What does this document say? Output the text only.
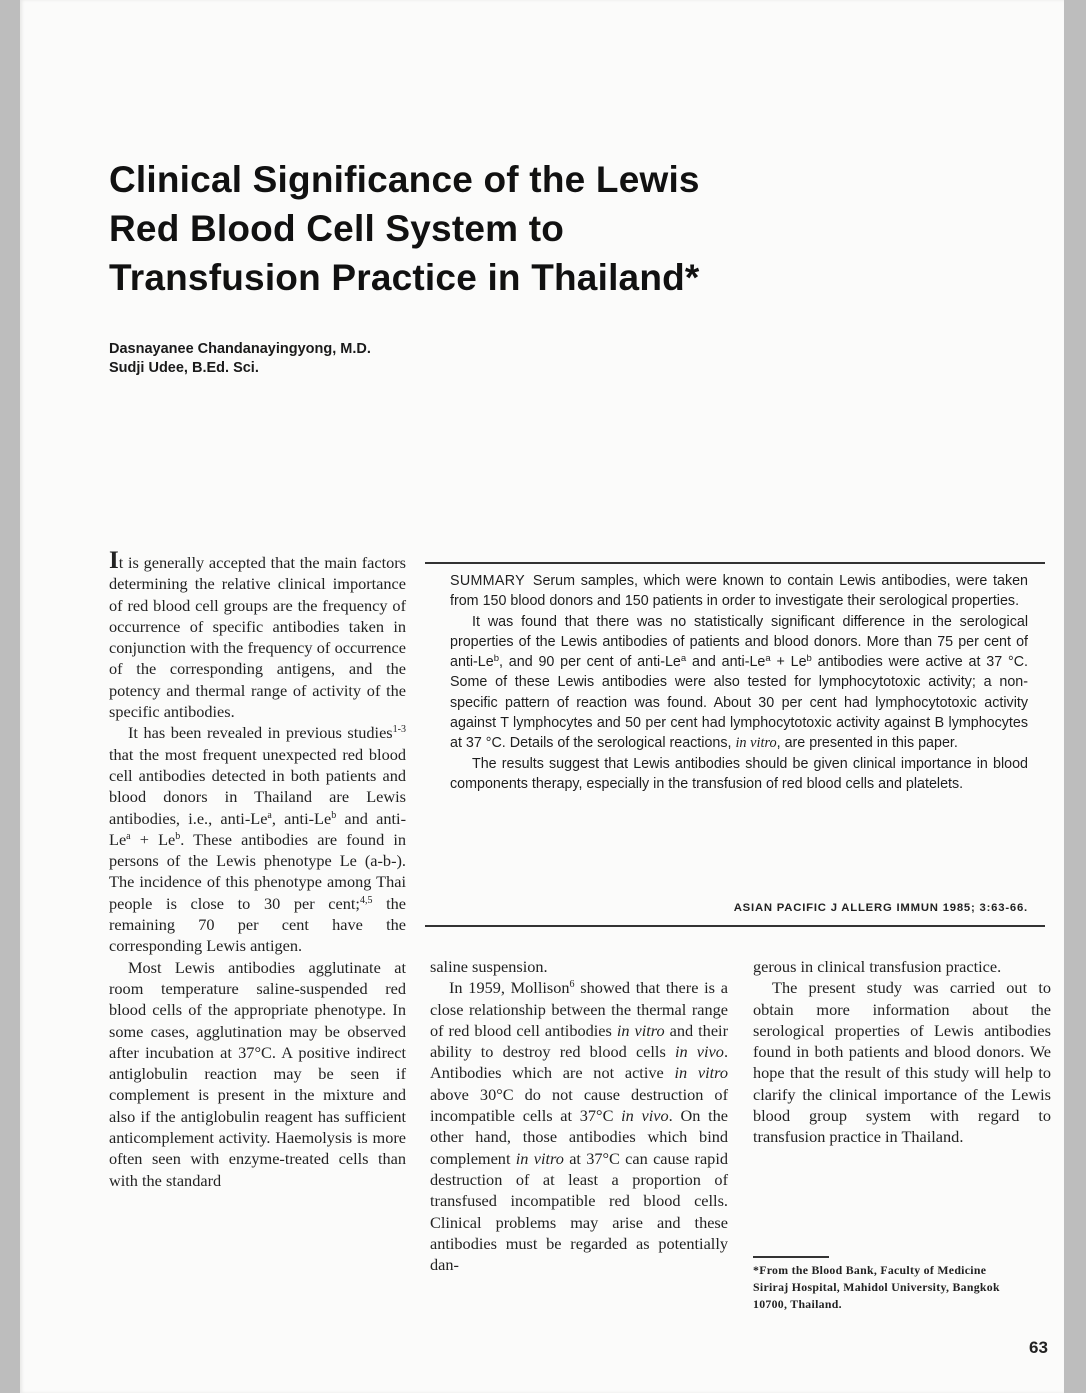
Clinical Significance of the Lewis
Red Blood Cell System to
Transfusion Practice in Thailand*
Dasnayanee Chandanayingyong, M.D.
Sudji Udee, B.Ed. Sci.

SUMMARY Serum samples, which were known to contain Lewis antibodies, were taken from 150 blood donors and 150 patients in order to investigate their serological properties.

It was found that there was no statistically significant difference in the serological properties of the Lewis antibodies of patients and blood donors. More than 75 per cent of anti-Le$^b$, and 90 per cent of anti-Le$^a$ and anti-$Le^a + Le^b$ antibodies were active at 37 °C. Some of these Lewis antibodies were also tested for lymphocytotoxic activity; a non-specific pattern of reaction was found. About 30 per cent had lymphocytotoxic activity against T lymphocytes and 50 per cent had lymphocytotoxic activity against B lymphocytes at 37 °C. Details of the serological reactions, in vitro, are presented in this paper.

The results suggest that Lewis antibodies should be given clinical importance in blood components therapy, especially in the transfusion of red blood cells and platelets.

ASIAN PACIFIC J ALLERG IMMUN 1985; 3:63-66.

It is generally accepted that the main factors determining the relative clinical importance of red blood cell groups are the frequency of occurrence of specific antibodies taken in conjunction with the frequency of occurrence of the corresponding antigens, and the potency and thermal range of activity of the specific antibodies.

It has been revealed in previous studies$^{1-3}$ that the most frequent unexpected red blood cell antibodies detected in both patients and blood donors in Thailand are Lewis antibodies, i.e., anti-Le$^a$, anti-Le$^b$ and anti-$Le^a + Le^b$. These antibodies are found in persons of the Lewis phenotype Le (a-b-). The incidence of this phenotype among Thai people is close to 30 per cent;$^{4,5}$ the remaining 70 per cent have the corresponding Lewis antigen.

Most Lewis antibodies agglutinate at room temperature saline-suspended red blood cells of the appropriate phenotype. In some cases, agglutination may be observed after incubation at 37°C. A positive indirect antiglobulin reaction may be seen if complement is present in the mixture and also if the antiglobulin reagent has sufficient anticomplement activity. Haemolysis is more often seen with enzyme-treated cells than with the standard

saline suspension.

In 1959, Mollison$^6$ showed that there is a close relationship between the thermal range of red blood cell antibodies in vitro and their ability to destroy red blood cells in vivo. Antibodies which are not active in vitro above 30°C do not cause destruction of incompatible cells at 37°C in vivo. On the other hand, those antibodies which bind complement in vitro at 37°C can cause rapid destruction of at least a proportion of transfused incompatible red blood cells. Clinical problems may arise and these antibodies must be regarded as potentially dan-

gerous in clinical transfusion practice.

The present study was carried out to obtain more information about the serological properties of Lewis antibodies found in both patients and blood donors. We hope that the result of this study will help to clarify the clinical importance of the Lewis blood group system with regard to transfusion practice in Thailand.

*From the Blood Bank, Faculty of Medicine
Siriraj Hospital, Mahidol University, Bangkok
10700, Thailand.
63
